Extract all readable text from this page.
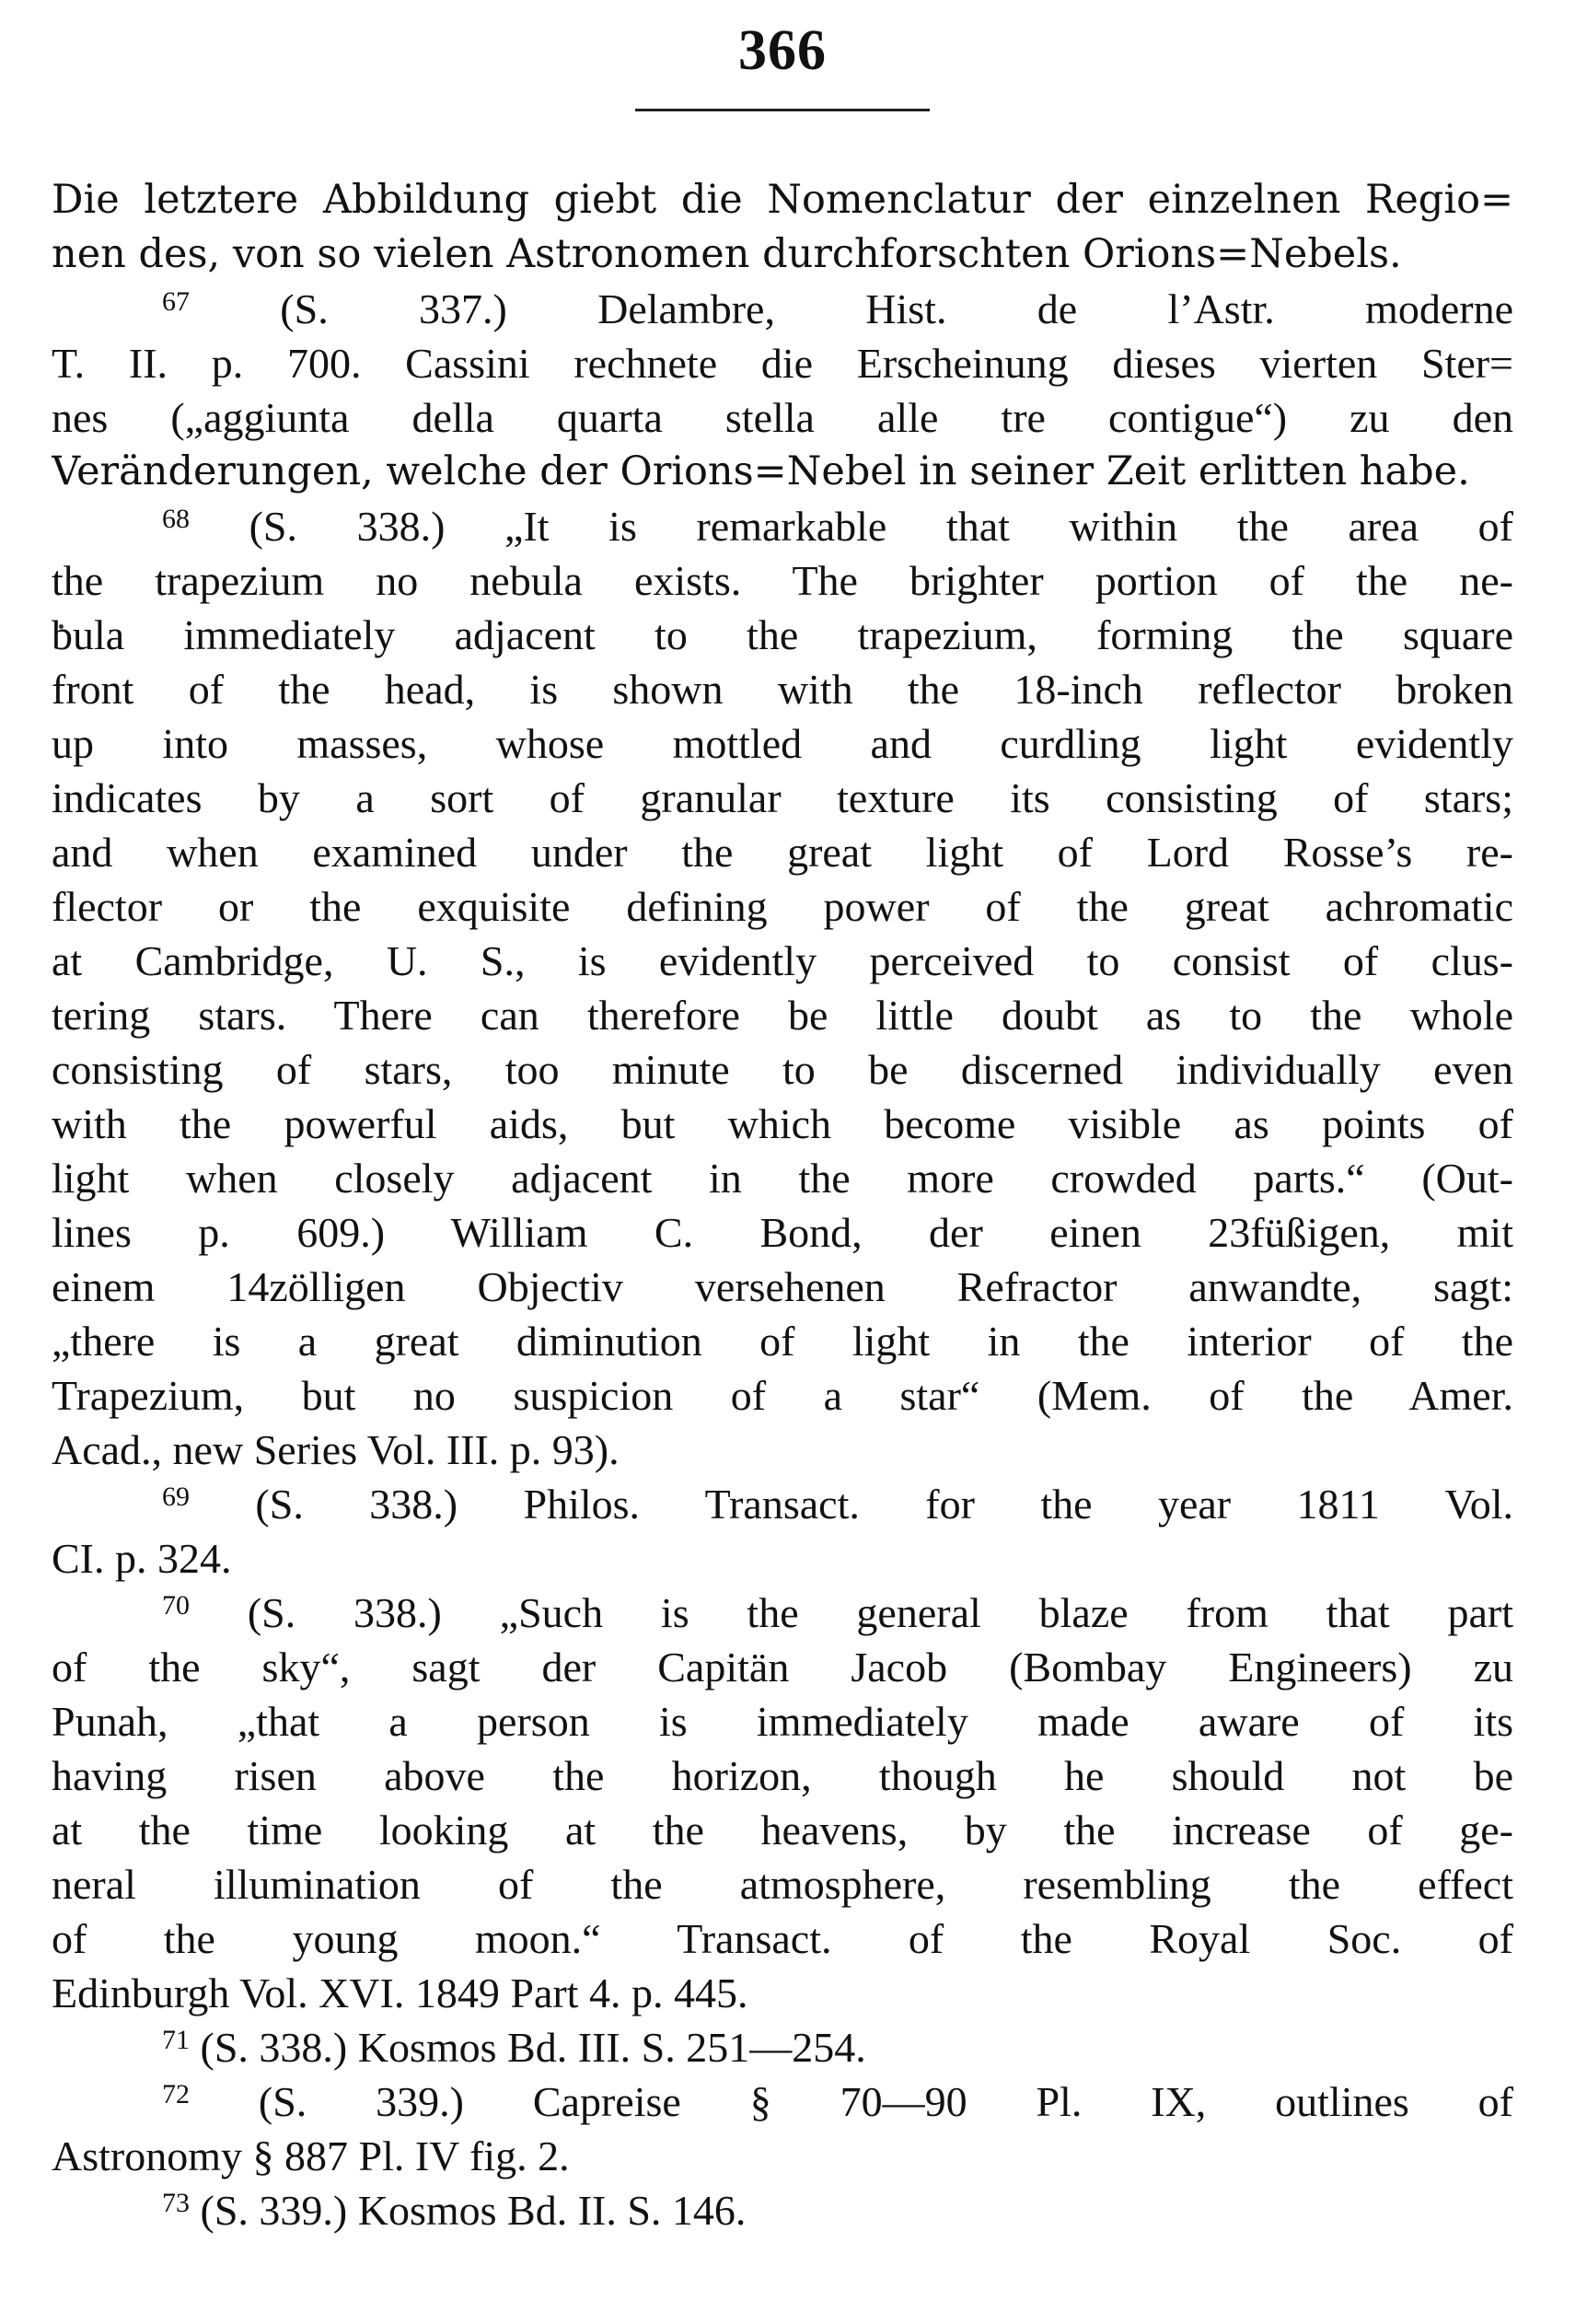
366
Die letztere Abbildung giebt die Nomenclatur der einzelnen Regio=
nen des, von so vielen Astronomen durchforschten Orions=Nebels.
$^{67}$ (S. 337.) Delambre, Hist. de l’Astr. moderne
T. II. p. 700. Cassini rechnete die Erscheinung dieses vierten Ster=
nes („aggiunta della quarta stella alle tre contigue“) zu den
Veränderungen, welche der Orions=Nebel in seiner Zeit erlitten habe.
$^{68}$ (S. 338.) „It is remarkable that within the area of
the trapezium no nebula exists. The brighter portion of the ne-
bula immediately adjacent to the trapezium, forming the square
front of the head, is shown with the 18-inch reflector broken
up into masses, whose mottled and curdling light evidently
indicates by a sort of granular texture its consisting of stars;
and when examined under the great light of Lord Rosse’s re-
flector or the exquisite defining power of the great achromatic
at Cambridge, U. S., is evidently perceived to consist of clus-
tering stars. There can therefore be little doubt as to the whole
consisting of stars, too minute to be discerned individually even
with the powerful aids, but which become visible as points of
light when closely adjacent in the more crowded parts.“ (Out-
lines p. 609.) William C. Bond, der einen 23füßigen, mit
einem 14zölligen Objectiv versehenen Refractor anwandte, sagt:
„there is a great diminution of light in the interior of the
Trapezium, but no suspicion of a star“ (Mem. of the Amer.
Acad., new Series Vol. III. p. 93).
$^{69}$ (S. 338.) Philos. Transact. for the year 1811 Vol.
CI. p. 324.
$^{70}$ (S. 338.) „Such is the general blaze from that part
of the sky“, sagt der Capitän Jacob (Bombay Engineers) zu
Punah, „that a person is immediately made aware of its
having risen above the horizon, though he should not be
at the time looking at the heavens, by the increase of ge-
neral illumination of the atmosphere, resembling the effect
of the young moon.“ Transact. of the Royal Soc. of
Edinburgh Vol. XVI. 1849 Part 4. p. 445.
$^{71}$ (S. 338.) Kosmos Bd. III. S. 251—254.
$^{72}$ (S. 339.) Capreise § 70—90 Pl. IX, outlines of
Astronomy § 887 Pl. IV fig. 2.
$^{73}$ (S. 339.) Kosmos Bd. II. S. 146.
